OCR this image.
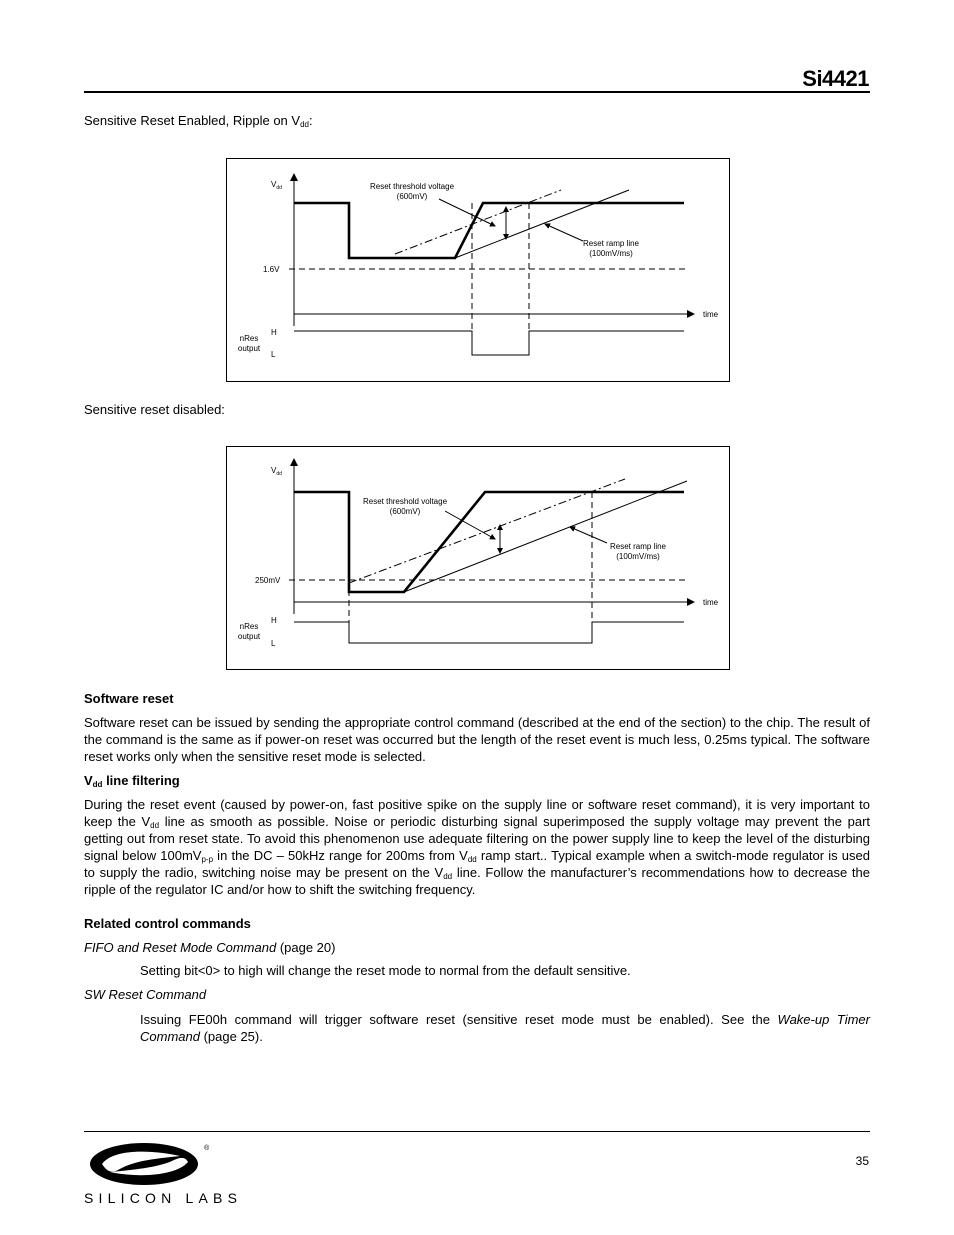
Si4421
Sensitive Reset Enabled, Ripple on $V_{dd}$:
$V_{dd}$
time
1.6V
Reset threshold voltage
(600mV)
Reset ramp line
(100mV/ms)
nRes
output
H
L
Sensitive reset disabled:
$V_{dd}$
time
250mV
Reset threshold voltage
(600mV)
Reset ramp line
(100mV/ms)
nRes
output
H
L
Software reset
Software reset can be issued by sending the appropriate control command (described at the end of the section) to the chip. The result of the command is the same as if power-on reset was occurred but the length of the reset event is much less, 0.25ms typical. The software reset works only when the sensitive reset mode is selected.
$V_{dd}$ line filtering
During the reset event (caused by power-on, fast positive spike on the supply line or software reset command), it is very important to keep the $V_{dd}$ line as smooth as possible. Noise or periodic disturbing signal superimposed the supply voltage may prevent the part getting out from reset state. To avoid this phenomenon use adequate filtering on the power supply line to keep the level of the disturbing signal below $100mV_{p-p}$ in the DC – 50kHz range for 200ms from $V_{dd}$ ramp start.. Typical example when a switch-mode regulator is used to supply the radio, switching noise may be present on the $V_{dd}$ line. Follow the manufacturer’s recommendations how to decrease the ripple of the regulator IC and/or how to shift the switching frequency.
Related control commands
FIFO and Reset Mode Command (page 20)
Setting bit<0> to high will change the reset mode to normal from the default sensitive.
SW Reset Command
Issuing FE00h command will trigger software reset (sensitive reset mode must be enabled). See the Wake-up Timer Command (page 25).
35
®
SILICON LABS
